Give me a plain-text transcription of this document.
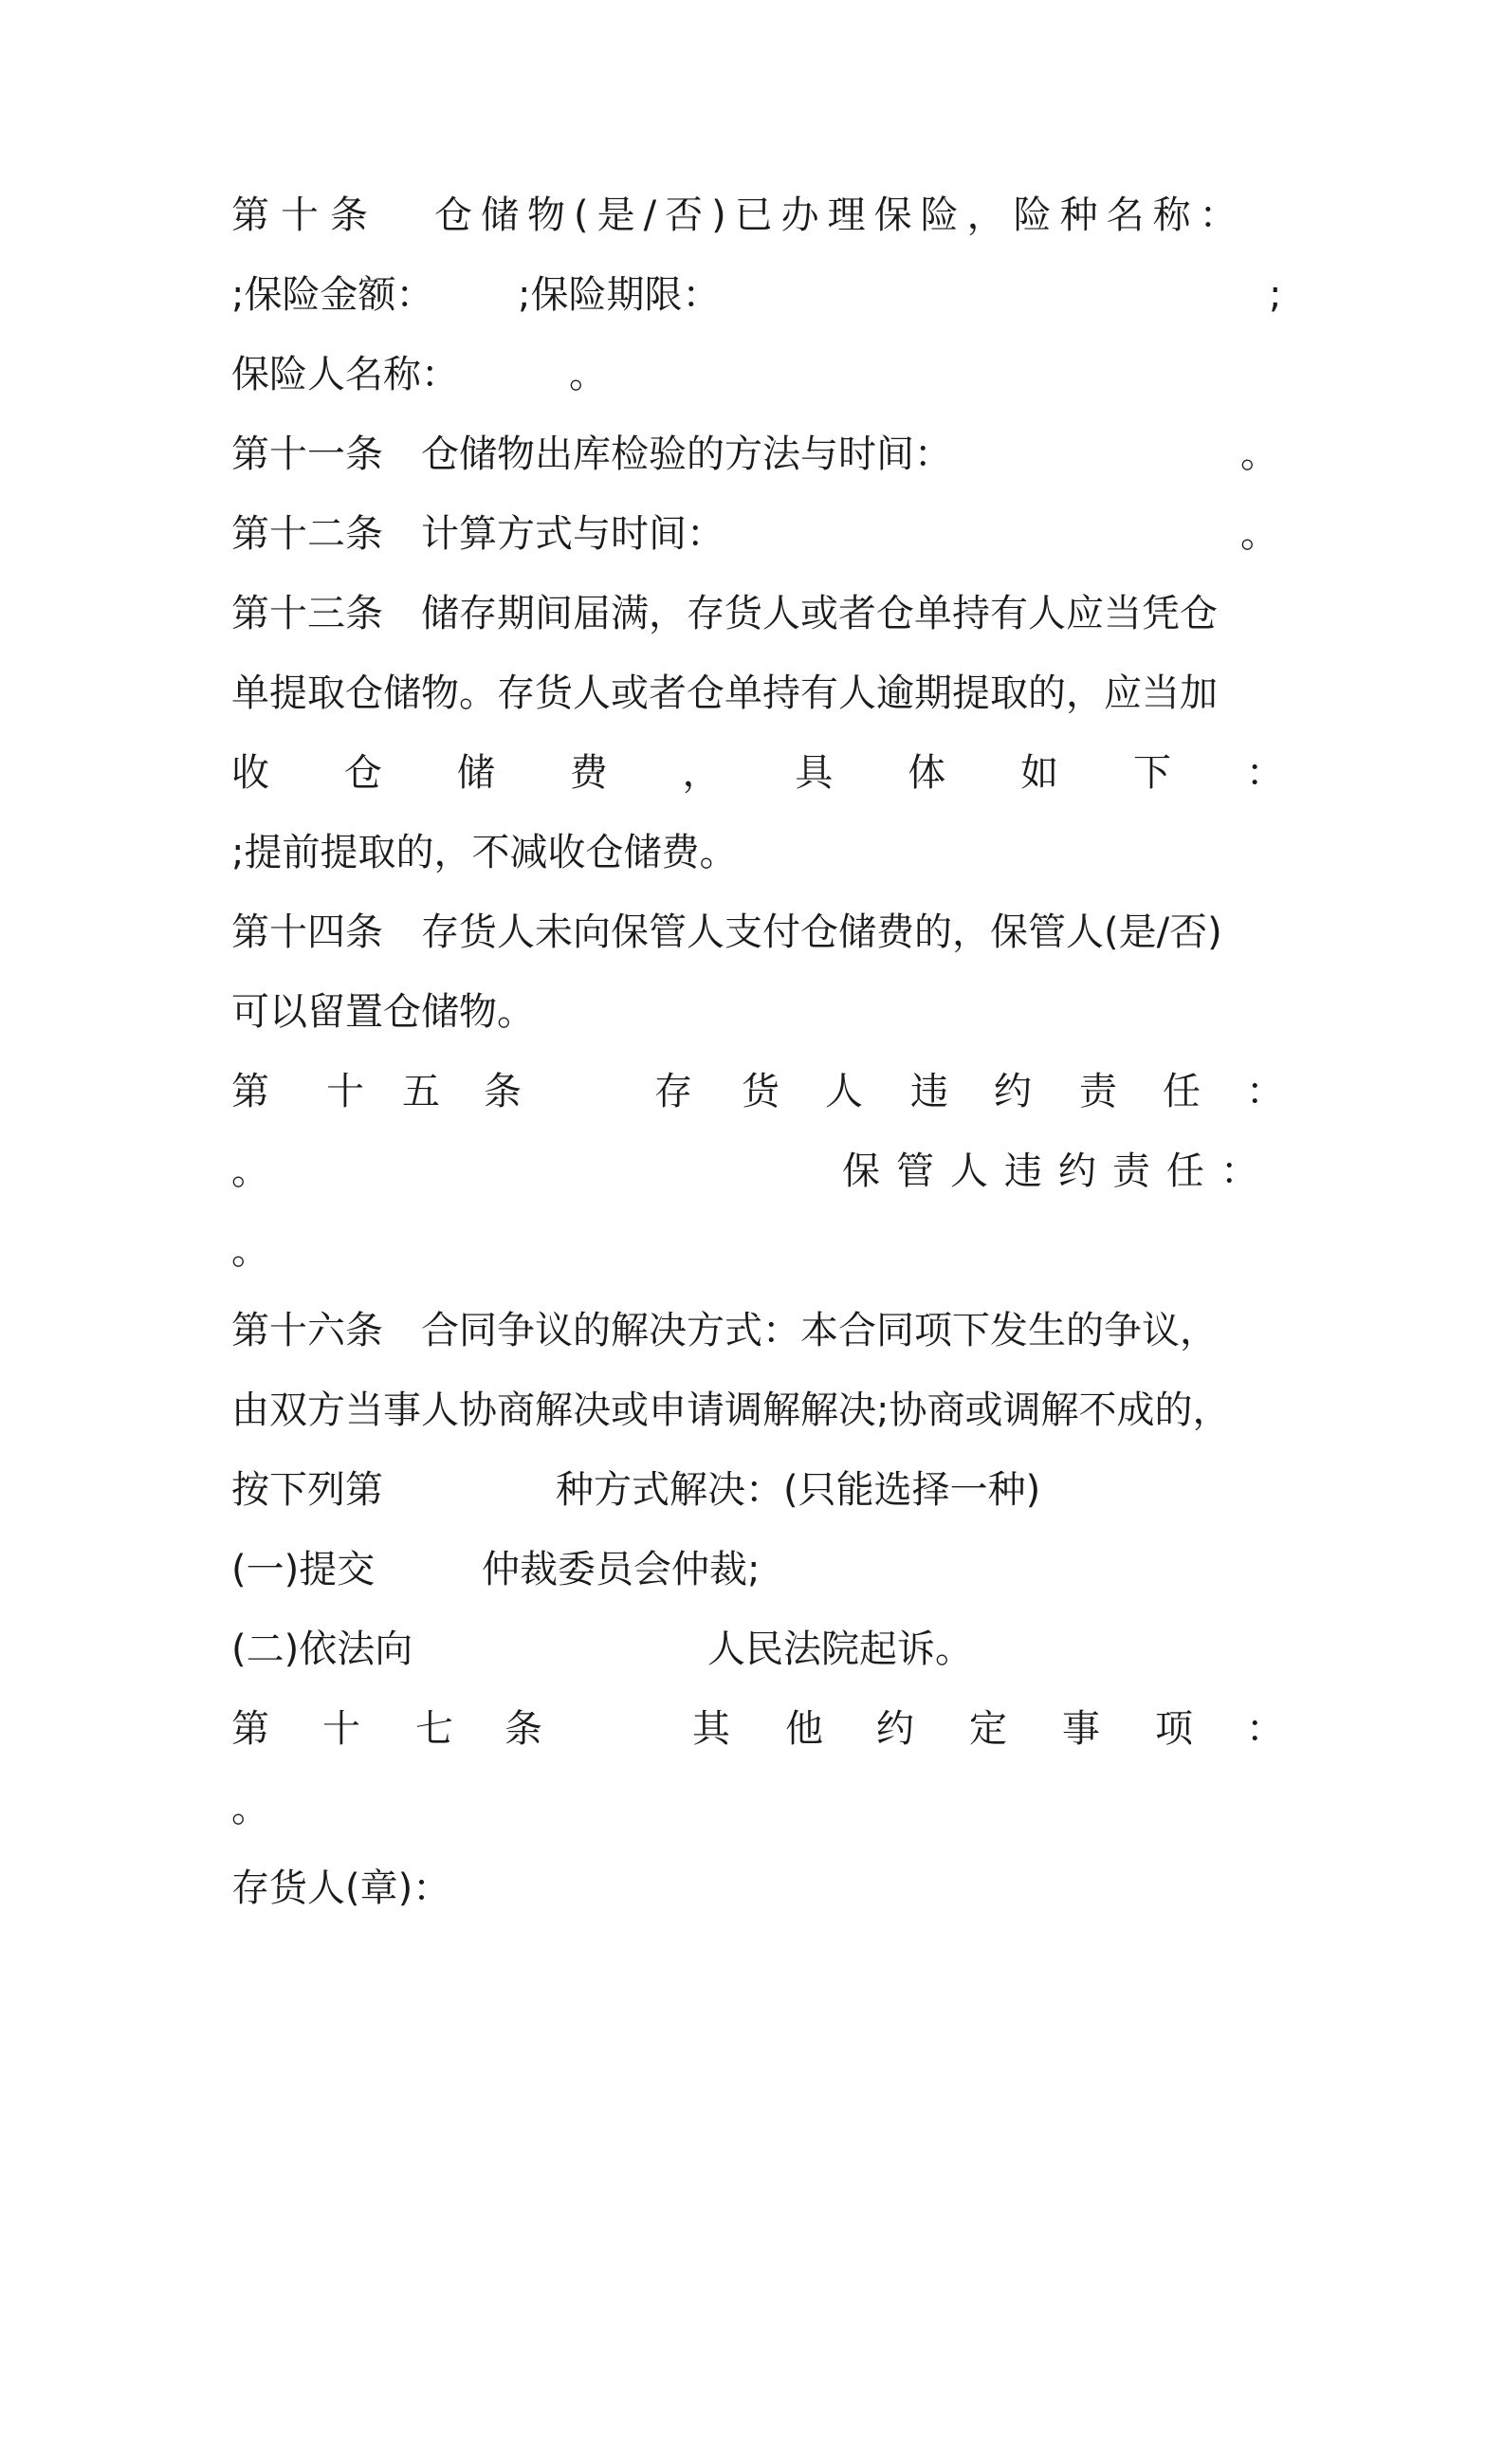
第十条

仓储物(是/否)已办理保险，险种名称：

;保险金额：

;保险期限：

	;

保险人名称：

	。

第十一条　仓储物出库检验的方法与时间：

	。

第十二条　计算方式与时间：

	。

第十三条　储存期间届满，存货人或者仓单持有人应当凭仓

单提取仓储物。存货人或者仓单持有人逾期提取的，应当加

收 仓 储 费 ， 具 体 如 下 ：

;提前提取的，不减收仓储费。

第十四条　存货人未向保管人支付仓储费的，保管人(是/否)

可以留置仓储物。

第

十

五

条

	存

货

人

违

约

责

任

：

。

	保管人违约责任：

。

第十六条　合同争议的解决方式：本合同项下发生的争议，

由双方当事人协商解决或申请调解解决;协商或调解不成的，

按下列第

	种方式解决：(只能选择一种)

(一)提交

	仲裁委员会仲裁;

(二)依法向

	人民法院起诉。

第

十

七

条

	其

他

约

定

事

项

：

。

存货人(章)：
